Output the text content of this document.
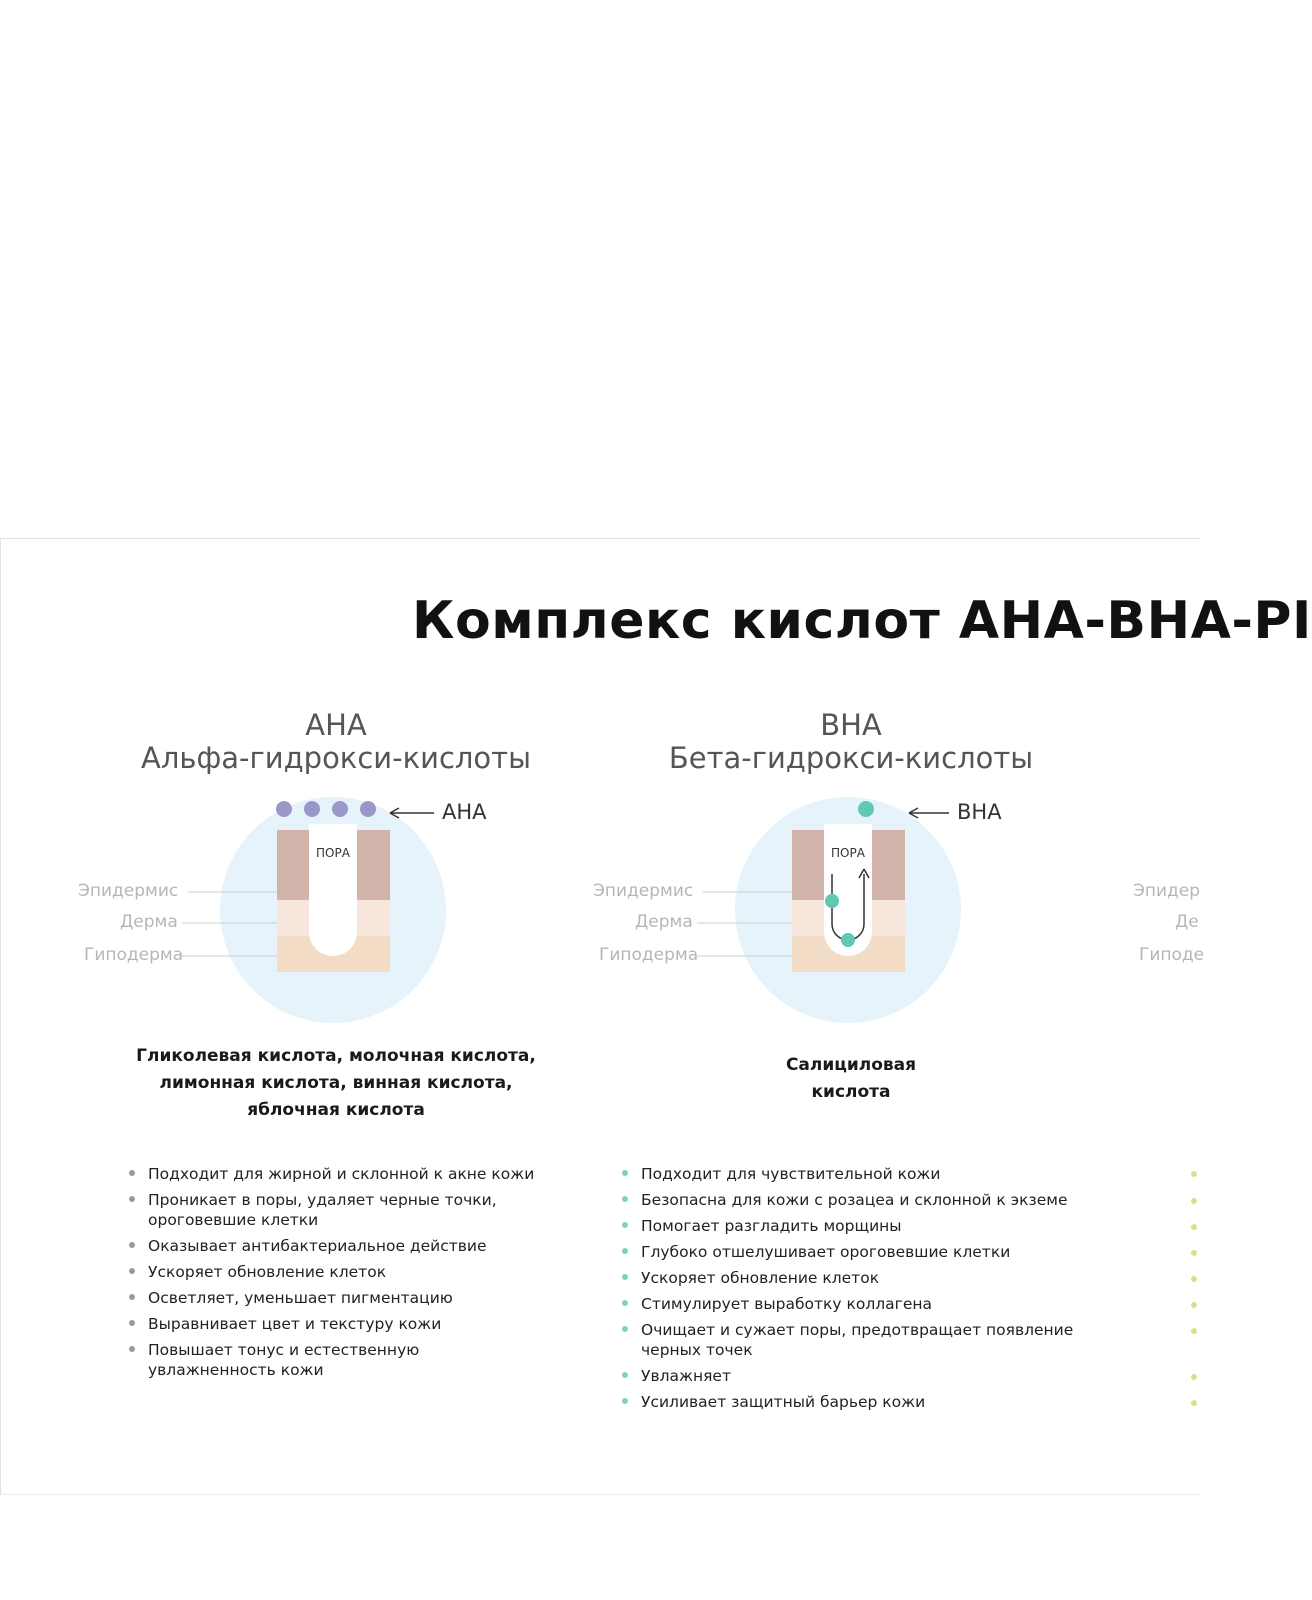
Комплекс кислот АНА-ВНА-PI
AHA
Альфа-гидрокси-кислоты
AHA
ПОРА
Эпидермис
Дерма
Гиподерма
Гликолевая кислота, молочная кислота,
лимонная кислота, винная кислота,
яблочная кислота
Подходит для жирной и склонной к акне кожи
Проникает в поры, удаляет черные точки, ороговевшие клетки
Оказывает антибактериальное действие
Ускоряет обновление клеток
Осветляет, уменьшает пигментацию
Выравнивает цвет и текстуру кожи
Повышает тонус и естественную увлажненность кожи
BHA
Бета-гидрокси-кислоты
BHA
ПОРА
Эпидермис
Дерма
Гиподерма
Салициловая
кислота
Подходит для чувствительной кожи
Безопасна для кожи с розацеа и склонной к экземе
Помогает разгладить морщины
Глубоко отшелушивает ороговевшие клетки
Ускоряет обновление клеток
Стимулирует выработку коллагена
Очищает и сужает поры, предотвращает появление черных точек
Увлажняет
Усиливает защитный барьер кожи
Эпидер
Де
Гиподе
